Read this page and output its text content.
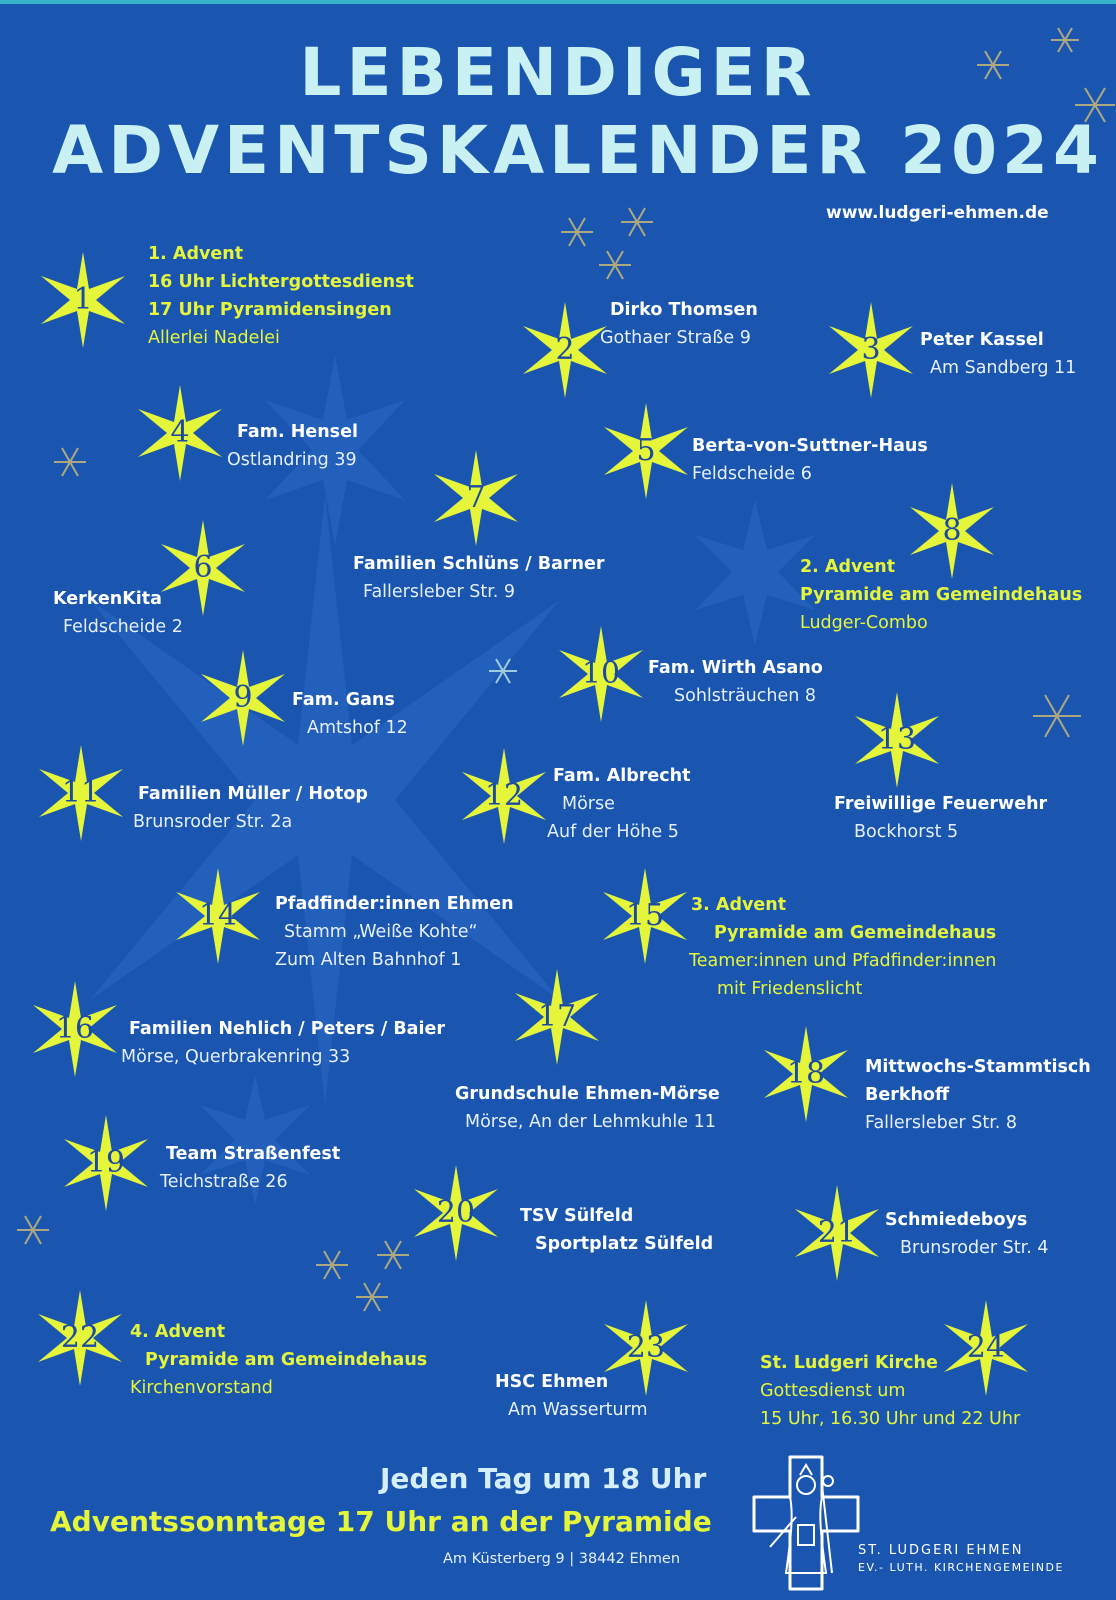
LEBENDIGER
ADVENTSKALENDER 2024
www.ludgeri-ehmen.de
1
1. Advent
16 Uhr Lichtergottesdienst
17 Uhr Pyramidensingen
Allerlei Nadelei	2
Dirko Thomsen
Gothaer Straße 9	3	Peter Kassel
Am Sandberg 11
4	Fam. Hensel
Ostlandring 39	5	Berta-von-Suttner-Haus
Feldscheide 6
6
KerkenKita
Feldscheide 2
7
Familien Schlüns / Barner
Fallersleber Str. 9
8
2. Advent
Pyramide am Gemeindehaus
Ludger-Combo
9	Fam. Gans
Amtshof 12
10	Fam. Wirth Asano
Sohlsträuchen 8
11	Familien Müller / Hotop
Brunsroder Str. 2a
12
Fam. Albrecht
Mörse
Auf der Höhe 5
13
Freiwillige Feuerwehr
Bockhorst 5
14	Pfadfinder:innen Ehmen
Stamm „Weiße Kohte“
Zum Alten Bahnhof 1
15	3. Advent
Pyramide am Gemeindehaus
Teamer:innen und Pfadfinder:innen
mit Friedenslicht
16	Familien Nehlich / Peters / Baier
Mörse, Querbrakenring 33
17
Grundschule Ehmen-Mörse
Mörse, An der Lehmkuhle 11
18	Mittwochs-Stammtisch
Berkhoff
Fallersleber Str. 8
19	Team Straßenfest
Teichstraße 26
20	TSV Sülfeld
Sportplatz Sülfeld	21	Schmiedeboys
Brunsroder Str. 4
22	4. Advent
Pyramide am Gemeindehaus
Kirchenvorstand
23
HSC Ehmen
Am Wasserturm
24
St. Ludgeri Kirche
Gottesdienst um
15 Uhr, 16.30 Uhr und 22 Uhr
Jeden Tag um 18 Uhr
Adventssonntage 17 Uhr an der Pyramide
Am Küsterberg 9 | 38442 Ehmen
ST. LUDGERI EHMEN
EV.- LUTH. KIRCHENGEMEINDE
